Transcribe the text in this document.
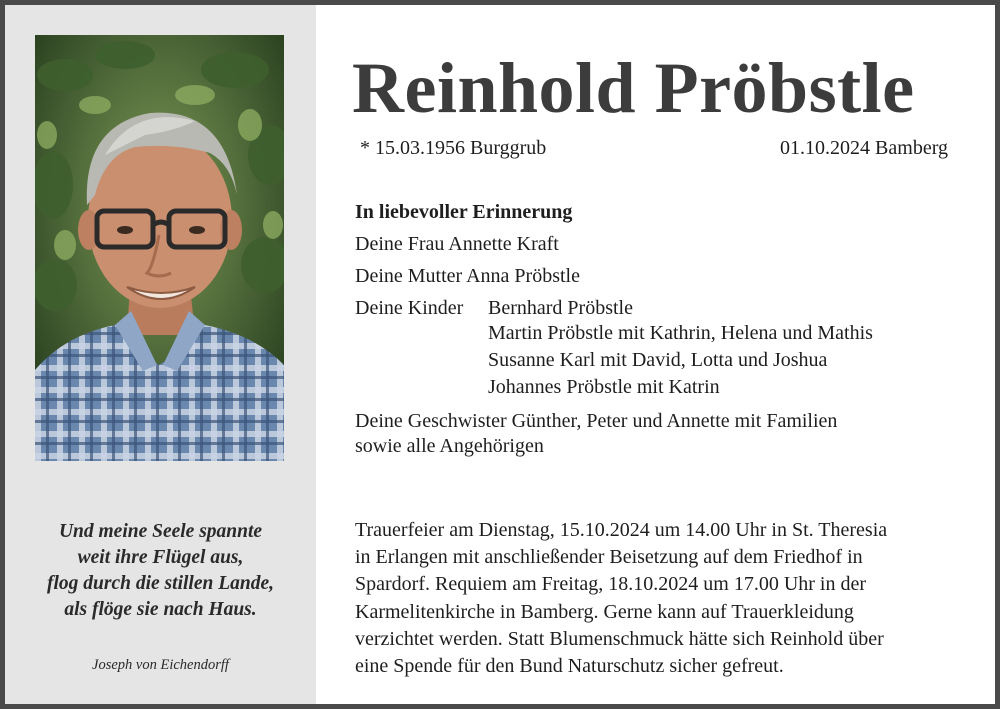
Und meine Seele spannte
weit ihre Flügel aus,
flog durch die stillen Lande,
als flöge sie nach Haus.
Joseph von Eichendorff
Reinhold Pröbstle
* 15.03.1956 Burggrub	01.10.2024 Bamberg
In liebevoller Erinnerung
Deine Frau Annette Kraft
Deine Mutter Anna Pröbstle
Deine Kinder	Bernhard Pröbstle
Martin Pröbstle mit Kathrin, Helena und Mathis
Susanne Karl mit David, Lotta und Joshua
Johannes Pröbstle mit Katrin
Deine Geschwister Günther, Peter und Annette mit Familien
sowie alle Angehörigen
Trauerfeier am Dienstag, 15.10.2024 um 14.00 Uhr in St. Theresia
in Erlangen mit anschließender Beisetzung auf dem Friedhof in
Spardorf. Requiem am Freitag, 18.10.2024 um 17.00 Uhr in der
Karmelitenkirche in Bamberg. Gerne kann auf Trauerkleidung
verzichtet werden. Statt Blumenschmuck hätte sich Reinhold über
eine Spende für den Bund Naturschutz sicher gefreut.
